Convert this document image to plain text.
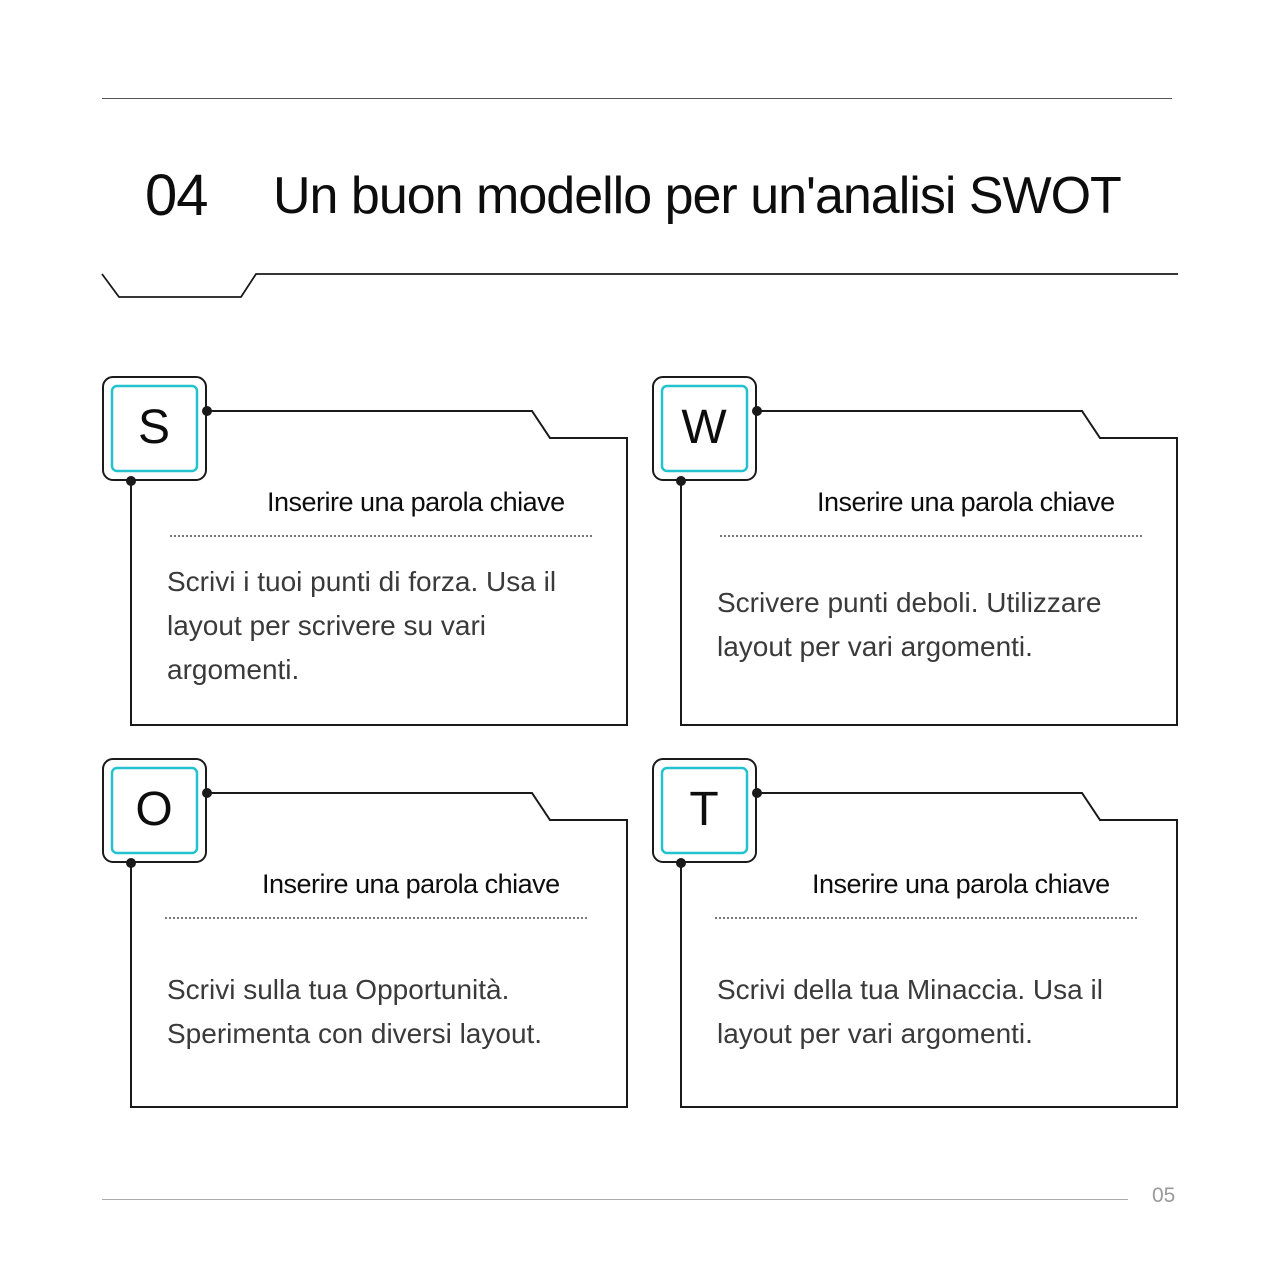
04 Un buon modello per un'analisi SWOT
S
Inserire una parola chiave
Scrivi i tuoi punti di forza. Usa il layout per scrivere su vari argomenti.
W
Inserire una parola chiave
Scrivere punti deboli. Utilizzare layout per vari argomenti.
O
Inserire una parola chiave
Scrivi sulla tua Opportunità. Sperimenta con diversi layout.
T
Inserire una parola chiave
Scrivi della tua Minaccia. Usa il layout per vari argomenti.
05
